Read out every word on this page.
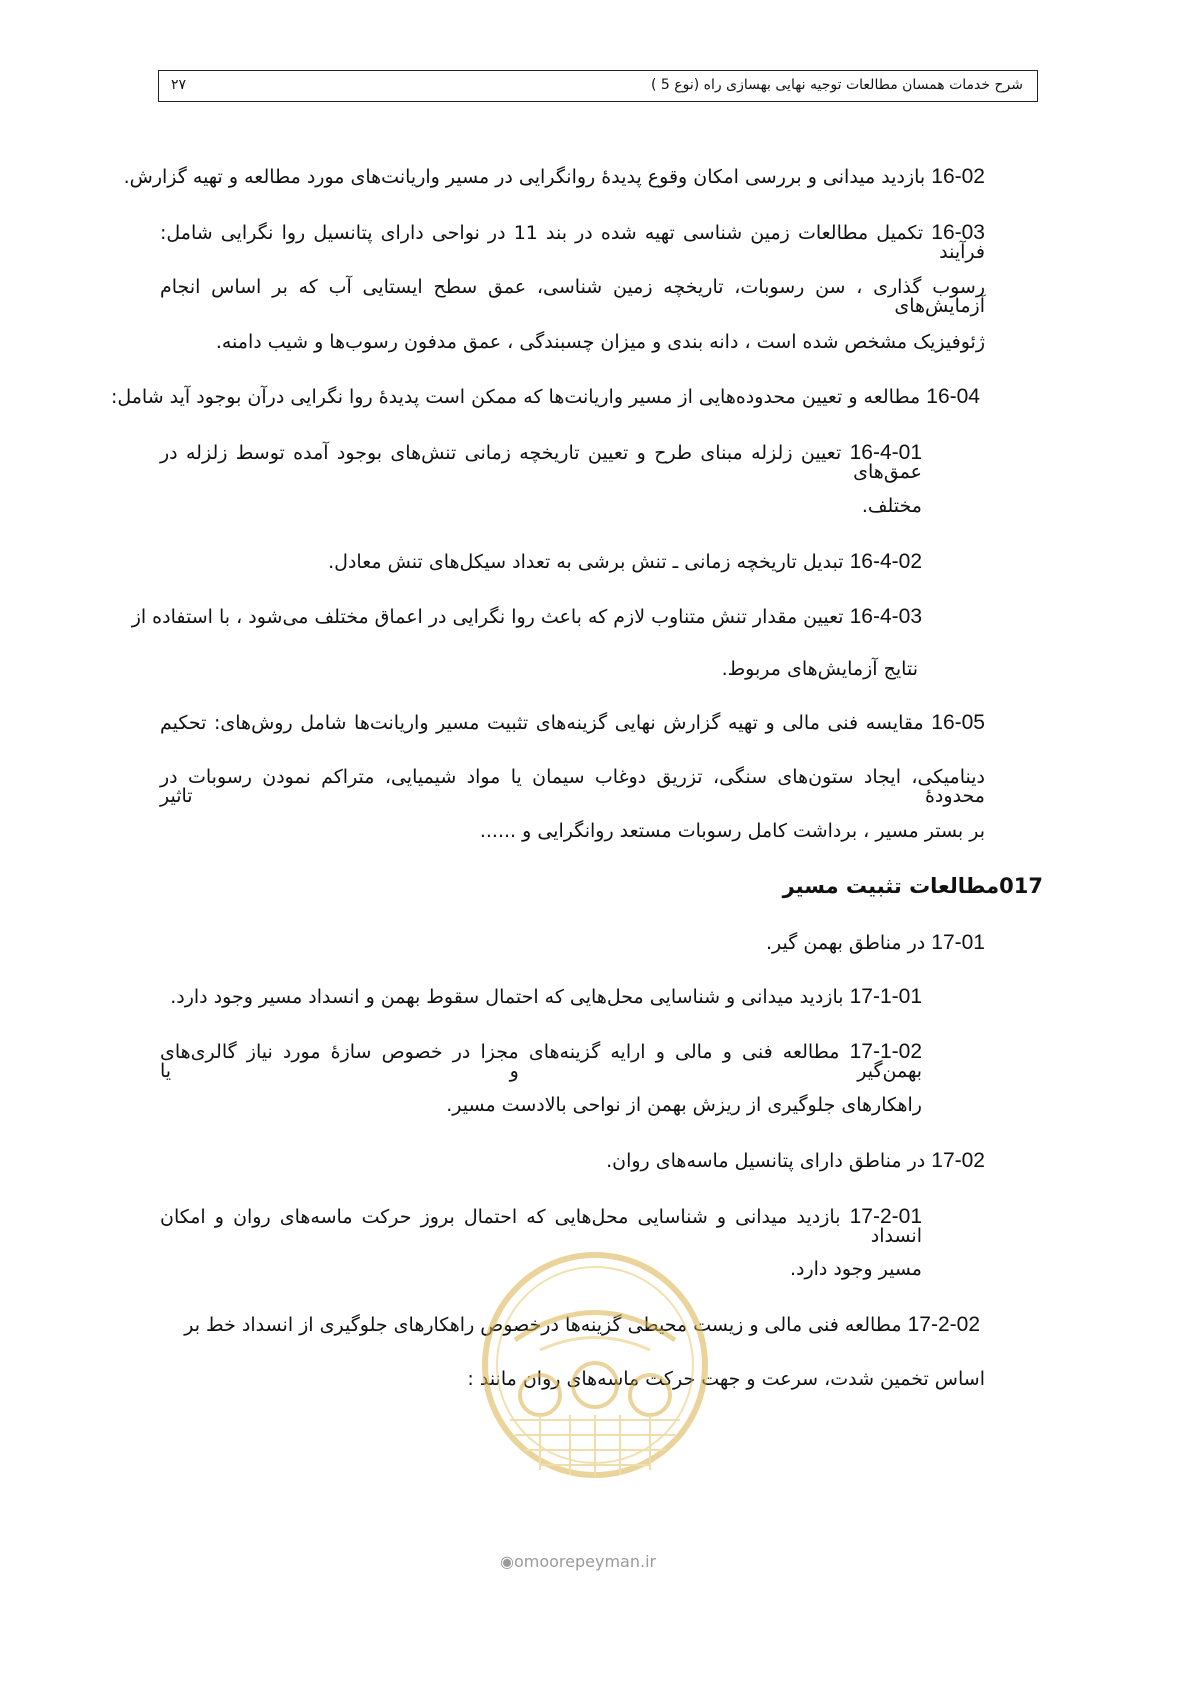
شرح خدمات همسان مطالعات توجیه نهایی بهسازی راه (نوع 5 )
۲۷
16-02 بازدید میدانی و بررسی امکان وقوع پدیدهٔ روانگرایی در مسیر واریانت‌های مورد مطالعه و تهیه گزارش.
16-03 تکمیل مطالعات زمین شناسی تهیه شده در بند 11 در نواحی دارای پتانسیل روا نگرایی شامل: فرآیند
رسوب گذاری ، سن رسوبات، تاریخچه زمین شناسی، عمق سطح ایستایی آب که بر اساس انجام آزمایش‌های
ژئوفیزیک مشخص شده است ، دانه بندی و میزان چسبندگی ، عمق مدفون رسوب‌ها و شیب دامنه.
16-04 مطالعه و تعیین محدوده‌هایی از مسیر واریانت‌ها که ممکن است پدیدهٔ روا نگرایی درآن بوجود آید شامل:
16-4-01 تعیین زلزله مبنای طرح و تعیین تاریخچه زمانی تنش‌های بوجود آمده توسط زلزله در عمق‌های
مختلف.
16-4-02 تبدیل تاریخچه زمانی ـ تنش برشی به تعداد سیکل‌های تنش معادل.
16-4-03 تعیین مقدار تنش متناوب لازم که باعث روا نگرایی در اعماق مختلف می‌شود ، با استفاده از
نتایج آزمایش‌های مربوط.
16-05 مقایسه فنی مالی و تهیه گزارش نهایی گزینه‌های تثبیت مسیر واریانت‌ها شامل روش‌های: تحکیم
دینامیکی، ایجاد ستون‌های سنگی، تزریق دوغاب سیمان یا مواد شیمیایی، متراکم نمودن رسوبات در محدودهٔ تاثیر
بر بستر مسیر ، برداشت کامل رسوبات مستعد روانگرایی و ......
017مطالعات تثبیت مسیر
17-01 در مناطق بهمن گیر.
17-1-01 بازدید میدانی و شناسایی محل‌هایی که احتمال سقوط بهمن و انسداد مسیر وجود دارد.
17-1-02 مطالعه فنی و مالی و ارایه گزینه‌های مجزا در خصوص سازهٔ مورد نیاز گالری‌های بهمن‌گیر و یا
راهکارهای جلوگیری از ریزش بهمن از نواحی بالادست مسیر.
17-02 در مناطق دارای پتانسیل ماسه‌های روان.
17-2-01 بازدید میدانی و شناسایی محل‌هایی که احتمال بروز حرکت ماسه‌های روان و امکان انسداد
مسیر وجود دارد.
17-2-02 مطالعه فنی مالی و زیست محیطی گزینه‌ها درخصوص راهکارهای جلوگیری از انسداد خط بر
اساس تخمین شدت، سرعت و جهت حرکت ماسه‌های روان مانند :
◉omoorepeyman.ir
